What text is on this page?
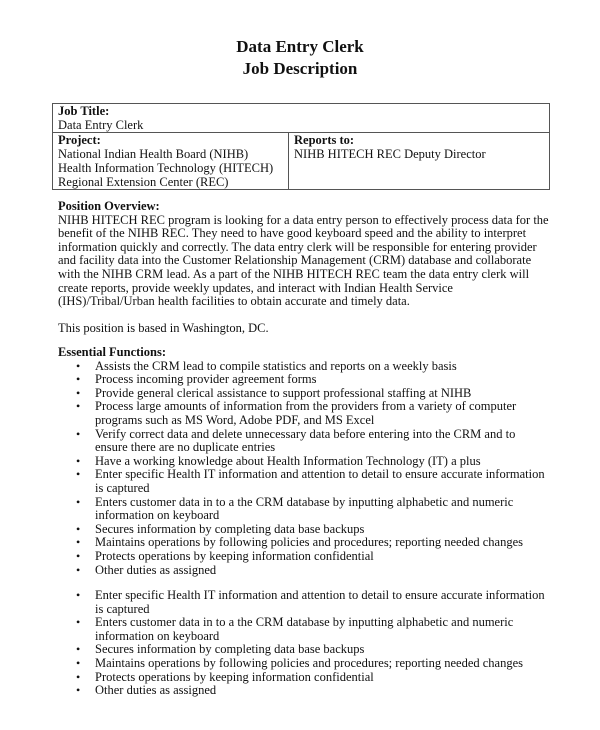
Data Entry Clerk
Job Description
Job Title:
Data Entry Clerk

Project:
National Indian Health Board (NIHB) Health Information Technology (HITECH) Regional Extension Center (REC)

Reports to:
NIHB HITECH REC Deputy Director
Position Overview:

NIHB HITECH REC program is looking for a data entry person to effectively process data for the benefit of the NIHB REC. They need to have good keyboard speed and the ability to interpret information quickly and correctly. The data entry clerk will be responsible for entering provider and facility data into the Customer Relationship Management (CRM) database and collaborate with the NIHB CRM lead. As a part of the NIHB HITECH REC team the data entry clerk will create reports, provide weekly updates, and interact with Indian Health Service (IHS)/Tribal/Urban health facilities to obtain accurate and timely data.

This position is based in Washington, DC.

Essential Functions:
• Assists the CRM lead to compile statistics and reports on a weekly basis
• Process incoming provider agreement forms
• Provide general clerical assistance to support professional staffing at NIHB
• Process large amounts of information from the providers from a variety of computer programs such as MS Word, Adobe PDF, and MS Excel
• Verify correct data and delete unnecessary data before entering into the CRM and to ensure there are no duplicate entries
• Have a working knowledge about Health Information Technology (IT) a plus
• Enter specific Health IT information and attention to detail to ensure accurate information is captured
• Enters customer data in to a the CRM database by inputting alphabetic and numeric information on keyboard
• Secures information by completing data base backups
• Maintains operations by following policies and procedures; reporting needed changes
• Protects operations by keeping information confidential
• Other duties as assigned
• Enter specific Health IT information and attention to detail to ensure accurate information is captured
• Enters customer data in to a the CRM database by inputting alphabetic and numeric information on keyboard
• Secures information by completing data base backups
• Maintains operations by following policies and procedures; reporting needed changes
• Protects operations by keeping information confidential
• Other duties as assigned
